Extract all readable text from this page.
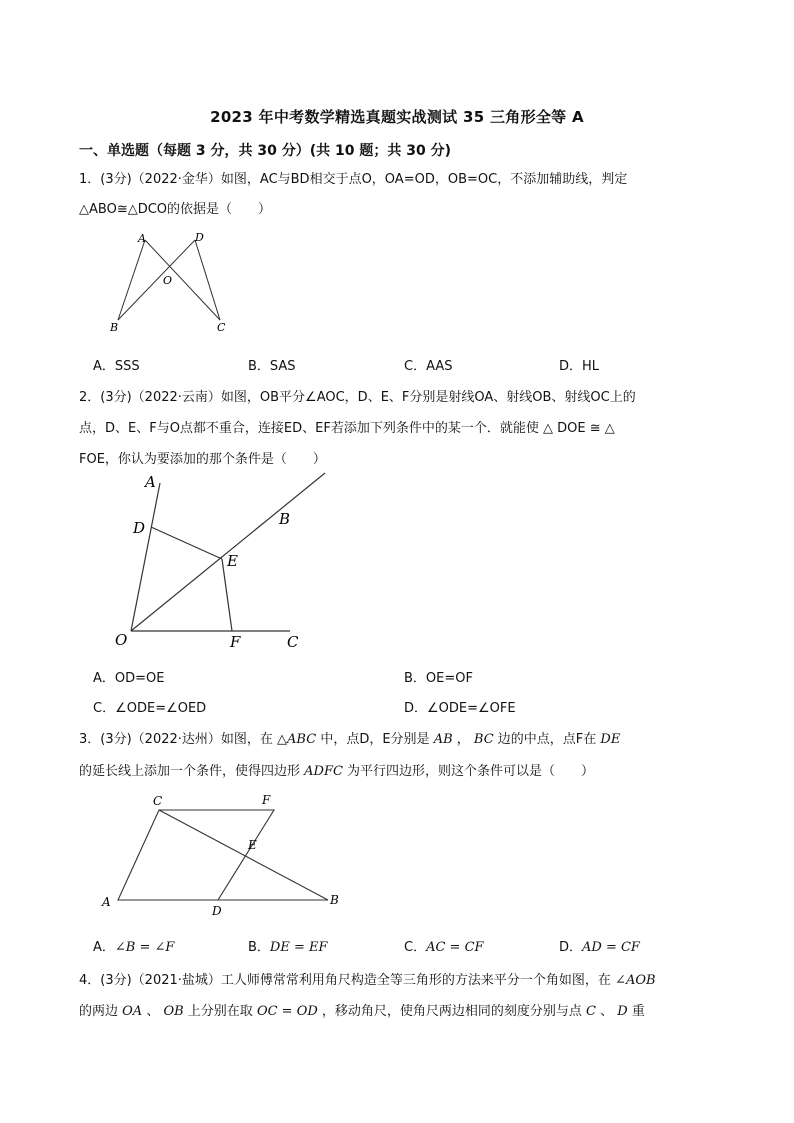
2023 年中考数学精选真题实战测试 35 三角形全等 A
一、单选题（每题 3 分，共 30 分）(共 10 题；共 30 分)
1．(3分)（2022·金华）如图，AC与BD相交于点O，OA=OD，OB=OC，不添加辅助线，判定
△ABO≅△DCO的依据是（　　）
A	D
O
B	C
A．SSS	B．SAS	C．AAS	D．HL
2．(3分)（2022·云南）如图，OB平分∠AOC，D、E、F分别是射线OA、射线OB、射线OC上的
点，D、E、F与O点都不重合，连接ED、EF若添加下列条件中的某一个．就能使 △ DOE ≅ △
FOE，你认为要添加的那个条件是（　　）
A
B
D
E
O	F	C
A．OD=OE	B．OE=OF
C．∠ODE=∠OED	D．∠ODE=∠OFE
3．(3分)（2022·达州）如图，在 △ABC 中，点D，E分别是 AB ， BC 边的中点，点F在 DE
的延长线上添加一个条件，使得四边形 ADFC 为平行四边形，则这个条件可以是（　　）
C	F
E
A
D
B
A．∠B = ∠F	B．DE = EF	C．AC = CF	D．AD = CF
4．(3分)（2021·盐城）工人师傅常常利用角尺构造全等三角形的方法来平分一个角如图，在 ∠AOB
的两边 OA 、 OB 上分别在取 OC = OD ，移动角尺，使角尺两边相同的刻度分别与点 C 、 D 重
